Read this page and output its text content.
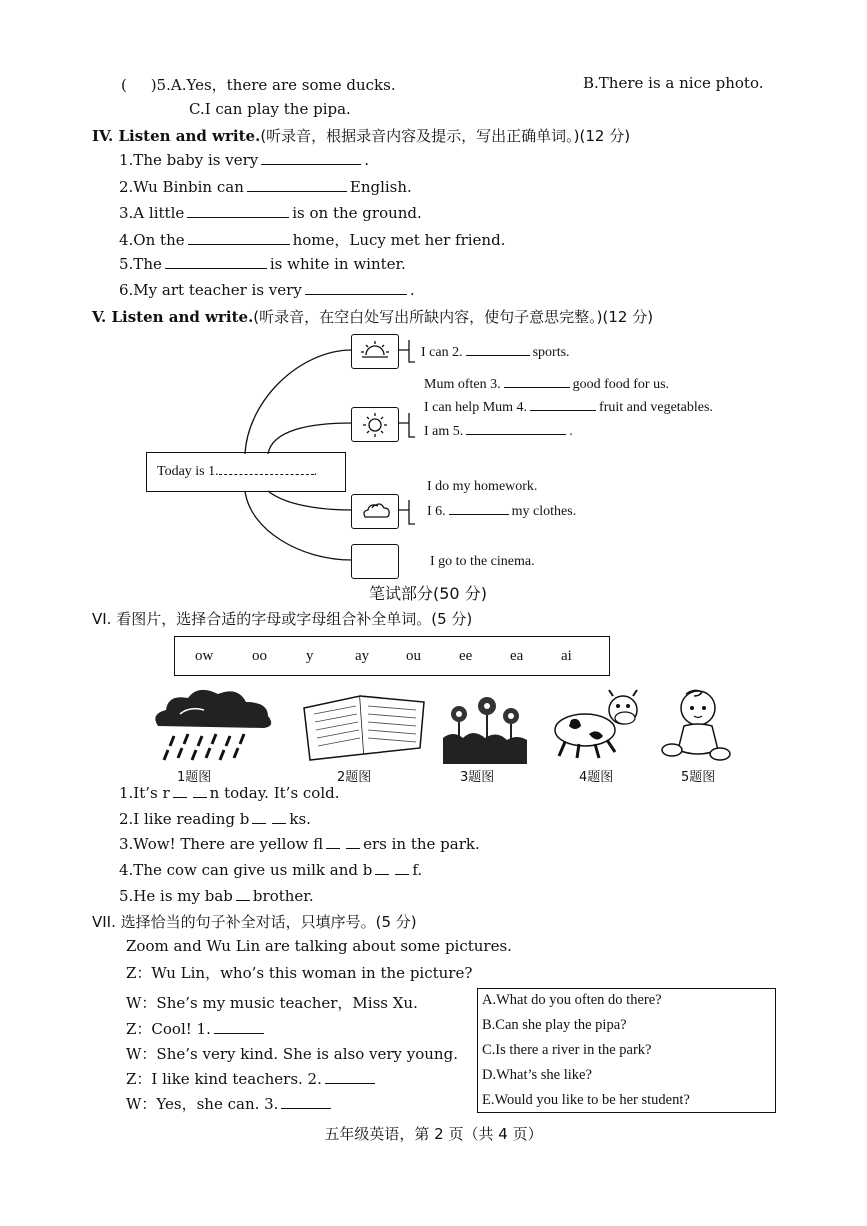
( )5.A.Yes，there are some ducks.	B.There is a nice photo.
C.I can play the pipa.
IV. Listen and write.(听录音，根据录音内容及提示，写出正确单词。)(12 分)
1.The baby is very	.
2.Wu Binbin can	English.
3.A little	is on the ground.
4.On the	home，Lucy met her friend.
5.The	is white in winter.
6.My art teacher is very	.
V. Listen and write.(听录音，在空白处写出所缺内容，使句子意思完整。)(12 分)
Today is 1.	.
I can 2.	sports.
Mum often 3.	good food for us.
I can help Mum 4.	fruit and vegetables.
I am 5.	.
I do my homework.
I 6.	my clothes.
I go to the cinema.
笔试部分(50 分)
VI. 看图片，选择合适的字母或字母组合补全单词。(5 分)
ow	oo	y	ay ou	ee	ea	ai
1题图	2题图	3题图	4题图	5题图
1.It’s r	n today. It’s cold.
2.I like reading b	ks.
3.Wow! There are yellow fl	ers in the park.
4.The cow can give us milk and b	f.
5.He is my bab brother.
VII. 选择恰当的句子补全对话，只填序号。(5 分)
Zoom and Wu Lin are talking about some pictures.
Z：Wu Lin，who’s this woman in the picture?
W：She’s my music teacher，Miss Xu.
Z：Cool! 1.
W：She’s very kind. She is also very young.
Z：I like kind teachers. 2.
W：Yes，she can. 3.
A.What do you often do there?
B.Can she play the pipa?
C.Is there a river in the park?
D.What’s she like?
E.Would you like to be her student?
五年级英语，第 2 页（共 4 页）
